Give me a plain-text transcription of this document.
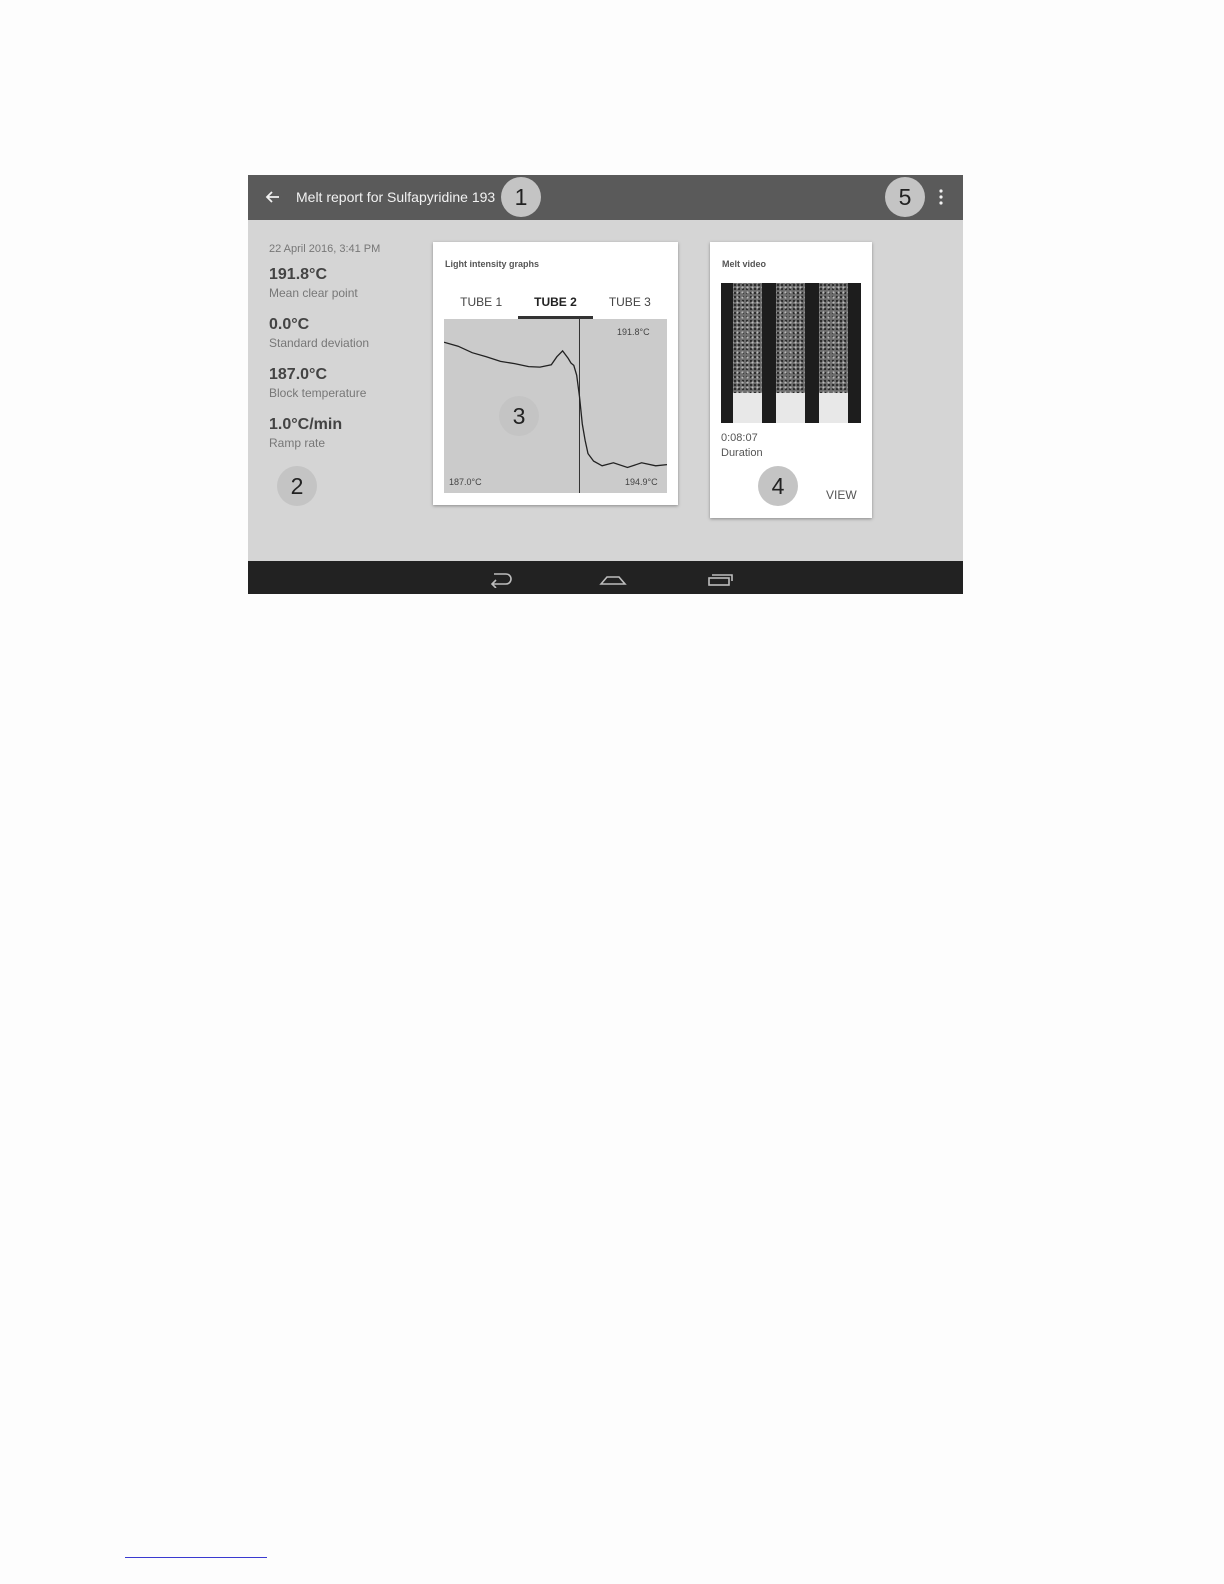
Melt report for Sulfapyridine 193 1	5
22 April 2016, 3:41 PM
191.8°C
Mean clear point
0.0°C
Standard deviation
187.0°C
Block temperature
1.0°C/min
Ramp rate
2
Light intensity graphs
TUBE 1	TUBE 2	TUBE 3
191.8°C
187.0°C	194.9°C
3
Melt video
0:08:07
Duration
4	VIEW
